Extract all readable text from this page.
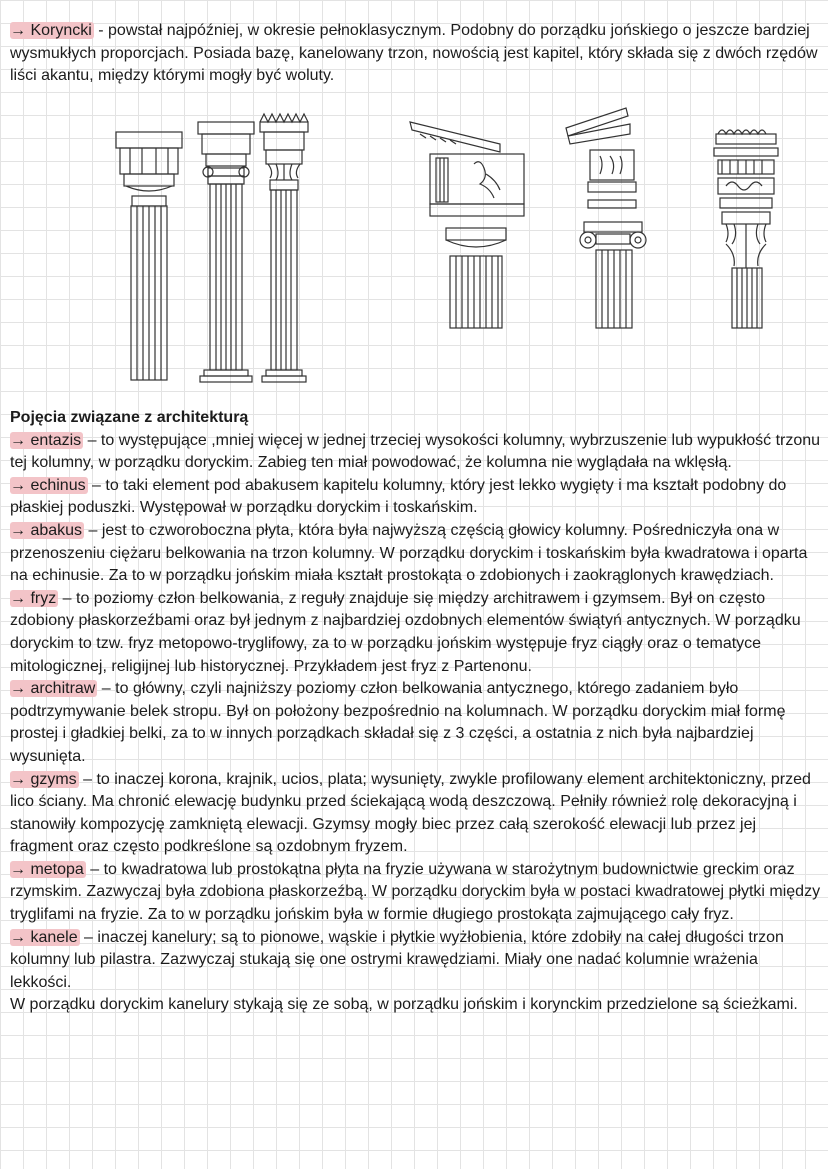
→ Koryncki - powstał najpóźniej, w okresie pełnoklasycznym. Podobny do porządku jońskiego o jeszcze bardziej wysmukłych proporcjach. Posiada bazę, kanelowany trzon, nowością jest kapitel, który składa się z dwóch rzędów liści akantu, między którymi mogły być woluty.

Pojęcia związane z architekturą

→ entazis – to występujące ,mniej więcej w jednej trzeciej wysokości kolumny, wybrzuszenie lub wypukłość trzonu tej kolumny, w porządku doryckim. Zabieg ten miał powodować, że kolumna nie wyglądała na wklęsłą.

→ echinus – to taki element pod abakusem kapitelu kolumny, który jest lekko wygięty i ma kształt podobny do płaskiej poduszki. Występował w porządku doryckim i toskańskim.

→ abakus – jest to czworoboczna płyta, która była najwyższą częścią głowicy kolumny. Pośredniczyła ona w przenoszeniu ciężaru belkowania na trzon kolumny. W porządku doryckim i toskańskim była kwadratowa i oparta na echinusie. Za to w porządku jońskim miała kształt prostokąta o zdobionych i zaokrąglonych krawędziach.

→ fryz – to poziomy człon belkowania, z reguły znajduje się między architrawem i gzymsem. Był on często zdobiony płaskorzeźbami oraz był jednym z najbardziej ozdobnych elementów świątyń antycznych. W porządku doryckim to tzw. fryz metopowo-tryglifowy, za to w porządku jońskim występuje fryz ciągły oraz o tematyce mitologicznej, religijnej lub historycznej. Przykładem jest fryz z Partenonu.

→ architraw – to główny, czyli najniższy poziomy człon belkowania antycznego, którego zadaniem było podtrzymywanie belek stropu. Był on położony bezpośrednio na kolumnach. W porządku doryckim miał formę prostej i gładkiej belki, za to w innych porządkach składał się z 3 części, a ostatnia z nich była najbardziej wysunięta.

→ gzyms – to inaczej korona, krajnik, ucios, plata; wysunięty, zwykle profilowany element architektoniczny, przed lico ściany. Ma chronić elewację budynku przed ściekającą wodą deszczową. Pełniły również rolę dekoracyjną i stanowiły kompozycję zamkniętą elewacji. Gzymsy mogły biec przez całą szerokość elewacji lub przez jej fragment oraz często podkreślone są ozdobnym fryzem.

→ metopa – to kwadratowa lub prostokątna płyta na fryzie używana w starożytnym budownictwie greckim oraz rzymskim. Zazwyczaj była zdobiona płaskorzeźbą. W porządku doryckim była w postaci kwadratowej płytki między tryglifami na fryzie. Za to w porządku jońskim była w formie długiego prostokąta zajmującego cały fryz.

→ kanele – inaczej kanelury; są to pionowe, wąskie i płytkie wyżłobienia, które zdobiły na całej długości trzon kolumny lub pilastra. Zazwyczaj stukają się one ostrymi krawędziami. Miały one nadać kolumnie wrażenia lekkości.

W porządku doryckim kanelury stykają się ze sobą, w porządku jońskim i korynckim przedzielone są ścieżkami.
